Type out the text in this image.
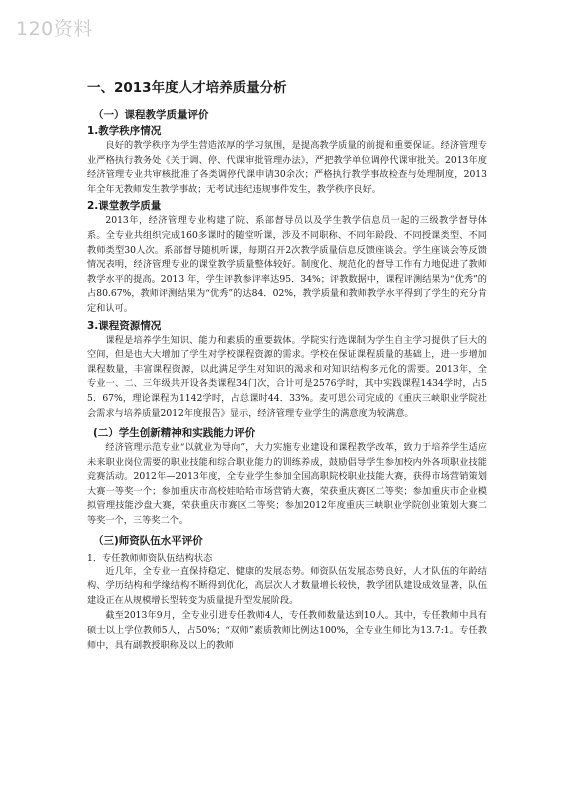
120资料
一、2013年度人才培养质量分析
（一）课程教学质量评价
1.教学秩序情况

良好的教学秩序为学生营造浓厚的学习氛围，是提高教学质量的前提和重要保证。经济管理专业严格执行教务处《关于调、停、代课审批管理办法》，严把教学单位调停代课审批关。2013年度经济管理专业共审核批准了各类调停代课申请30余次；严格执行教学事故检查与处理制度，2013年全年无教师发生教学事故；无考试违纪违规事件发生，教学秩序良好。

2.课堂教学质量

2013年，经济管理专业构建了院、系部督导员以及学生教学信息员一起的三级教学督导体系。全专业共组织完成160多课时的随堂听课，涉及不同职称、不同年龄段、不同授课类型、不同教师类型30人次。系部督导随机听课，每期召开2次教学质量信息反馈座谈会。学生座谈会等反馈情况表明，经济管理专业的课堂教学质量整体较好。制度化、规范化的督导工作有力地促进了教师教学水平的提高。2013 年，学生评教参评率达95．34%；评教数据中，课程评测结果为“优秀”的占80.67%，教师评测结果为“优秀”的达84．02%，教学质量和教师教学水平得到了学生的充分肯定和认可。

3.课程资源情况

课程是培养学生知识、能力和素质的重要载体。学院实行选课制为学生自主学习提供了巨大的空间，但是也大大增加了学生对学校课程资源的需求。学校在保证课程质量的基础上，进一步增加课程数量，丰富课程资源，以此满足学生对知识的渴求和对知识结构多元化的需要。2013年，全专业一、二、三年级共开设各类课程34门次，合计可是2576学时，其中实践课程1434学时，占55．67%，理论课程为1142学时，占总课时44．33%。麦可思公司完成的《重庆三峡职业学院社会需求与培养质量2012年度报告》显示，经济管理专业学生的满意度为较满意。

(二）学生创新精神和实践能力评价

经济管理示范专业“以就业为导向”，大力实施专业建设和课程教学改革，致力于培养学生适应未来职业岗位需要的职业技能和综合职业能力的训练养成，鼓励倡导学生参加校内外各项职业技能竞赛活动。2012年—2013年度，全专业学生参加全国高职院校职业技能大赛，获得市场营销策划大赛一等奖一个；参加重庆市高校娃哈哈市场营销大赛，荣获重庆赛区二等奖；参加重庆市企业模拟管理技能沙盘大赛，荣获重庆市赛区二等奖；参加2012年度重庆三峡职业学院创业策划大赛二等奖一个，三等奖二个。

（三)师资队伍水平评价
1．专任教师师资队伍结构状态

近几年，全专业一直保持稳定、健康的发展态势。师资队伍发展态势良好，人才队伍的年龄结构、学历结构和学缘结构不断得到优化，高层次人才数量增长较快，教学团队建设成效显著，队伍建设正在从规模增长型转变为质量提升型发展阶段。

截至2013年9月，全专业引进专任教师4人，专任教师数量达到10人。其中，专任教师中具有硕士以上学位教师5人，占50%；“双师”素质教师比例达100%，全专业生师比为13.7:1。专任教师中，具有副教授职称及以上的教师
